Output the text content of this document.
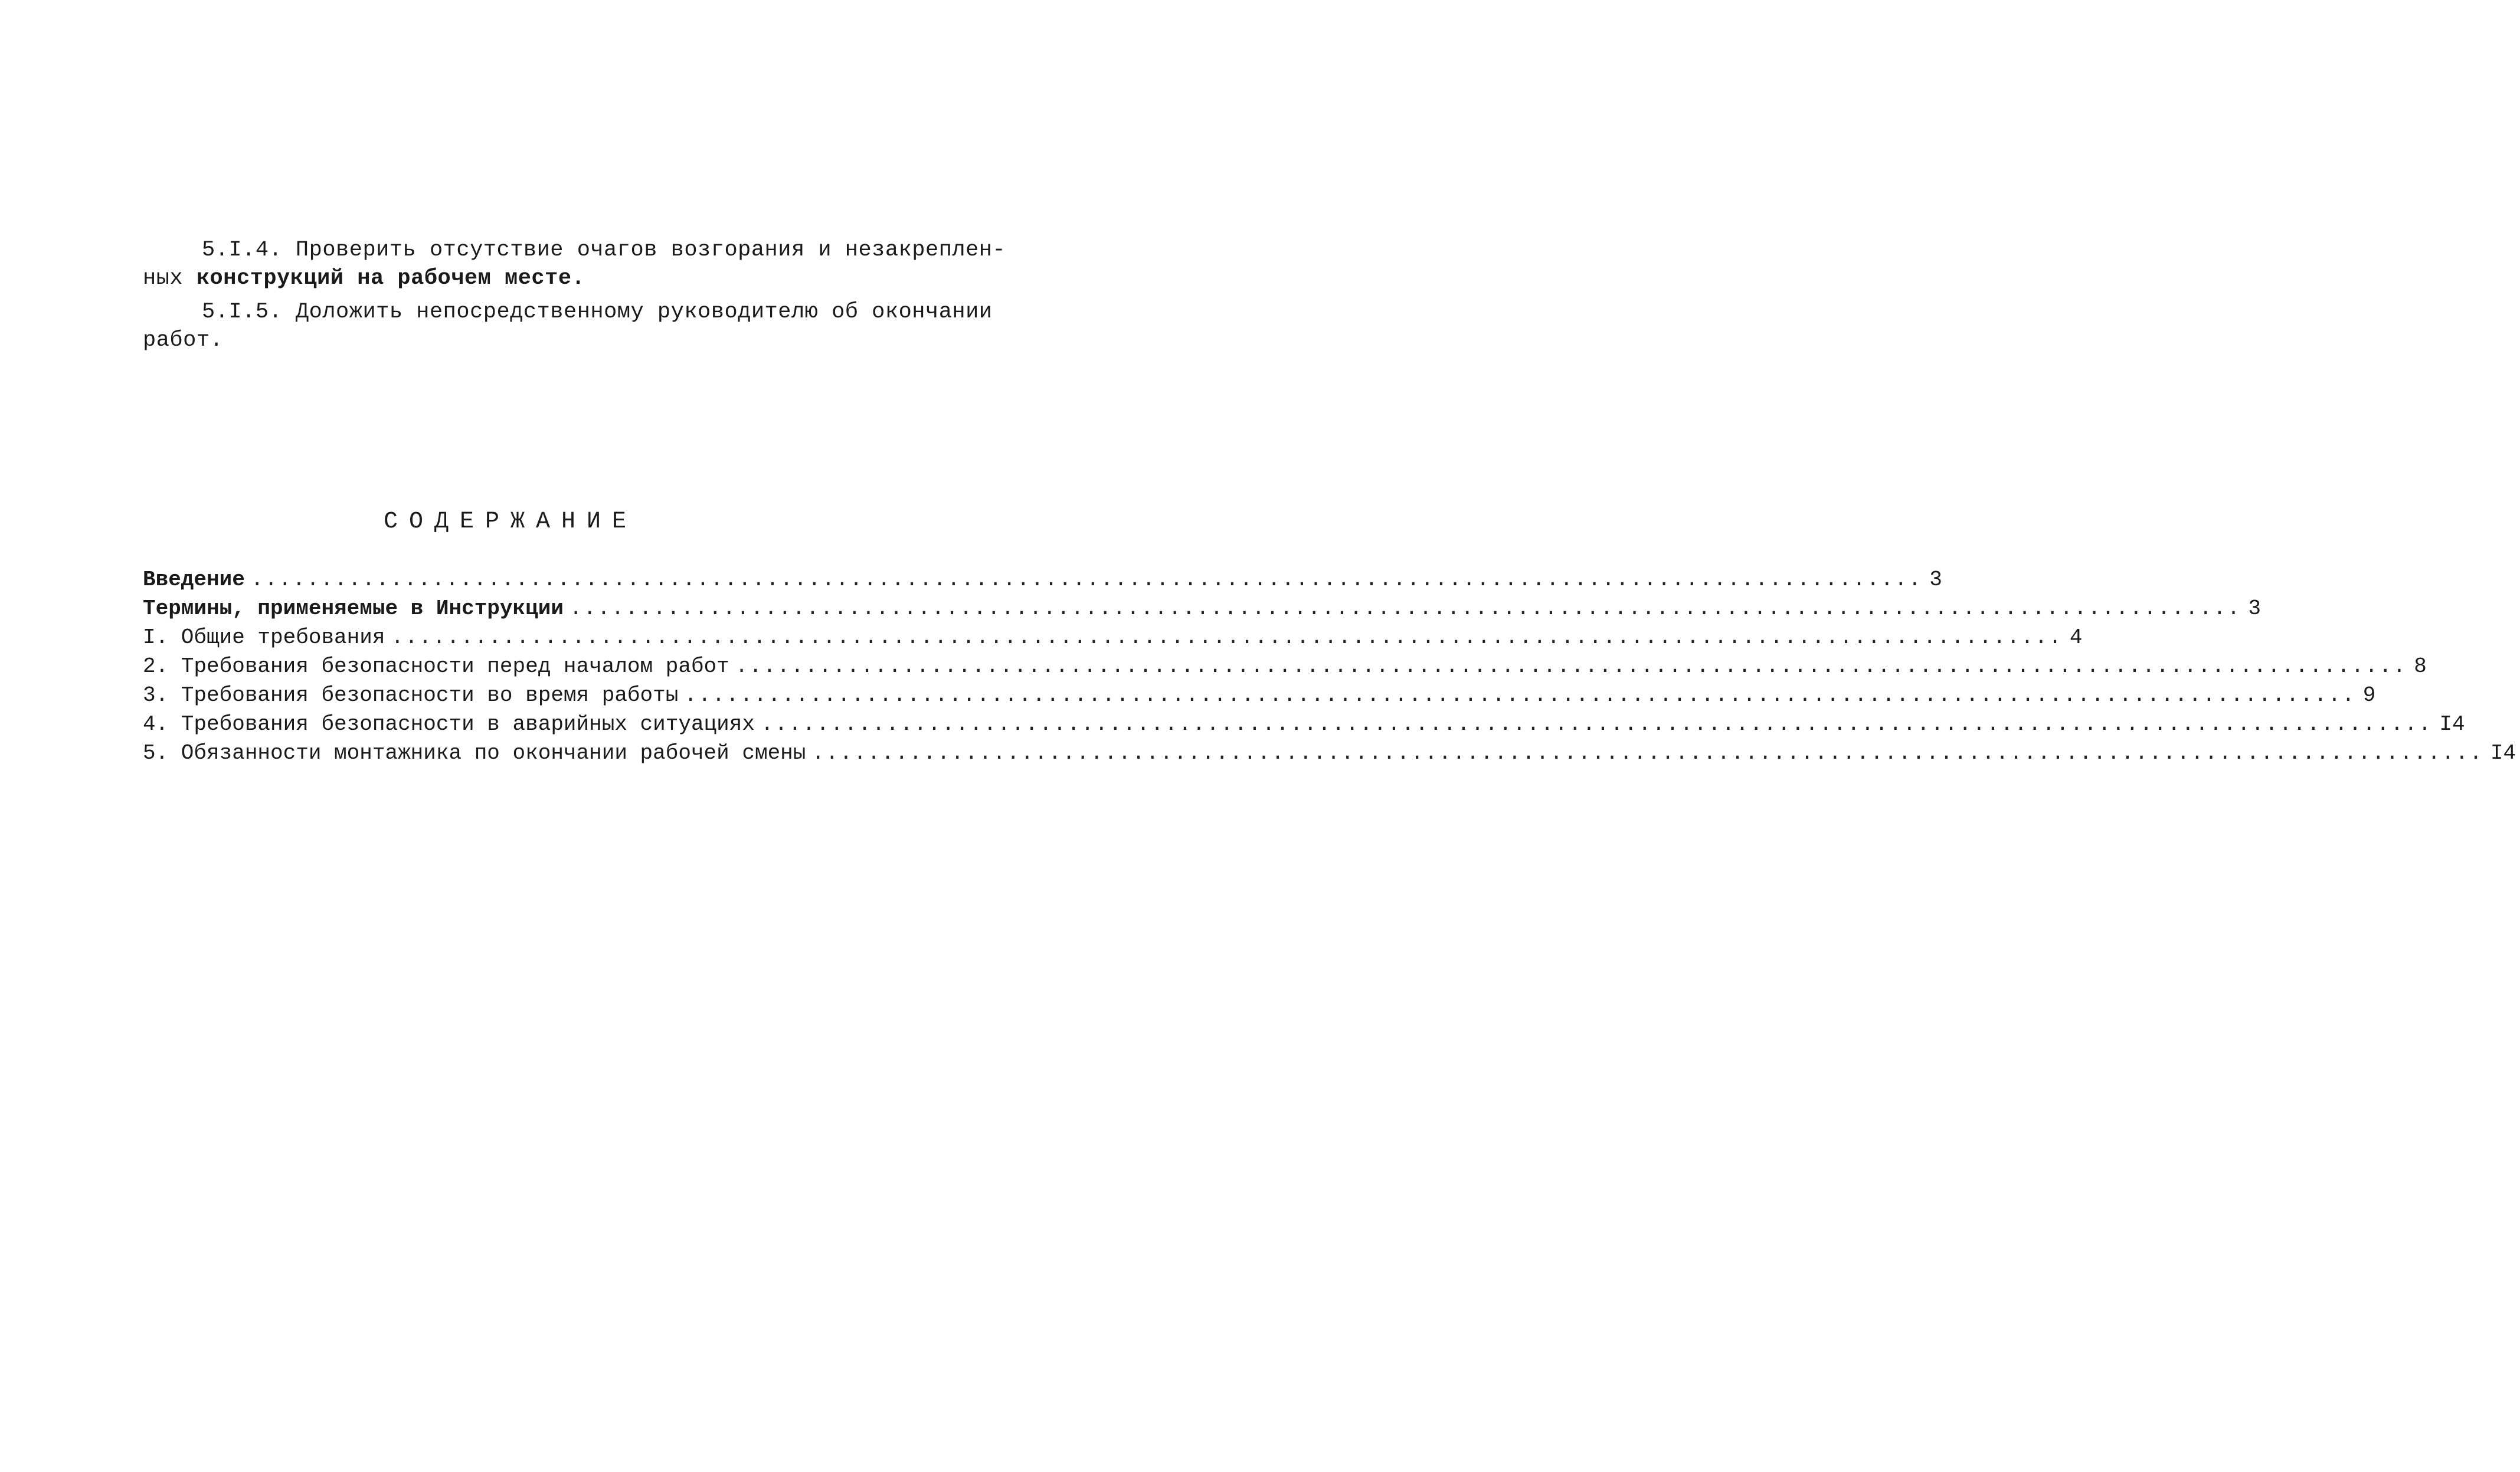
5.I.4. Проверить отсутствие очагов возгорания и незакреплен-
ных конструкций на рабочем месте.
5.I.5. Доложить непосредственному руководителю об окончании
работ.
СОДЕРЖАНИЕ
Введение ........................................................................................................................ 3
Термины, применяемые в Инструкции ........................................................................................................................ 3
I. Общие требования ........................................................................................................................ 4
2. Требования безопасности перед началом работ ........................................................................................................................ 8
3. Требования безопасности во время работы ........................................................................................................................ 9
4. Требования безопасности в аварийных ситуациях ........................................................................................................................ I4
5. Обязанности монтажника по окончании рабочей смены ........................................................................................................................ I4
